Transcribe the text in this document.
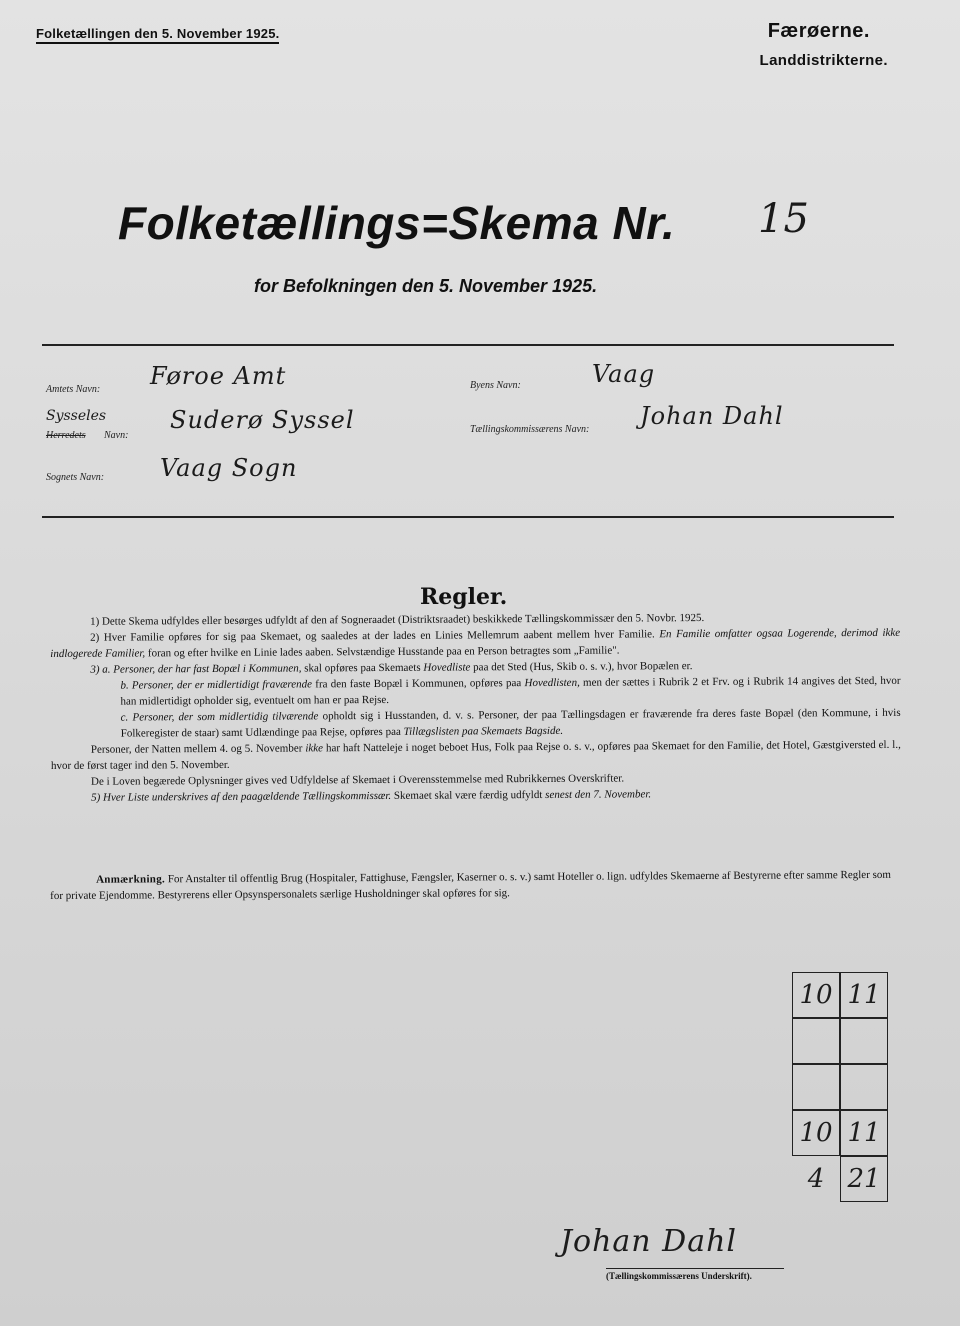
Folketællingen den 5. November 1925.	Færøerne.
Landdistrikterne.
Folketællings=Skema Nr. 15
for Befolkningen den 5. November 1925.
Amtets Navn: Føroe Amt
Sysseles
Herredets Navn:
Suderø Syssel
Sognets Navn: Vaag Sogn
Byens Navn:	Vaag
Tællingskommissærens Navn: Johan Dahl
Regler.

1) Dette Skema udfyldes eller besørges udfyldt af den af Sogneraadet (Distriktsraadet) beskikkede Tællingskommissær den 5. Novbr. 1925.

2) Hver Familie opføres for sig paa Skemaet, og saaledes at der lades en Linies Mellemrum aabent mellem hver Familie. En Familie omfatter ogsaa Logerende, derimod ikke indlogerede Familier, foran og efter hvilke en Linie lades aaben. Selvstændige Husstande paa en Person betragtes som „Familie".

3) a. Personer, der har fast Bopæl i Kommunen, skal opføres paa Skemaets Hovedliste paa det Sted (Hus, Skib o. s. v.), hvor Bopælen er.

b. Personer, der er midlertidigt fraværende fra den faste Bopæl i Kommunen, opføres paa Hovedlisten, men der sættes i Rubrik 2 et Frv. og i Rubrik 14 angives det Sted, hvor han midlertidigt opholder sig, eventuelt om han er paa Rejse.

c. Personer, der som midlertidig tilværende opholdt sig i Husstanden, d. v. s. Personer, der paa Tællingsdagen er fraværende fra deres faste Bopæl (den Kommune, i hvis Folkeregister de staar) samt Udlændinge paa Rejse, opføres paa Tillægslisten paa Skemaets Bagside.

Personer, der Natten mellem 4. og 5. November ikke har haft Natteleje i noget beboet Hus, Folk paa Rejse o. s. v., opføres paa Skemaet for den Familie, det Hotel, Gæstgiversted el. l., hvor de først tager ind den 5. November.

De i Loven begærede Oplysninger gives ved Udfyldelse af Skemaet i Overensstemmelse med Rubrikkernes Overskrifter.

5) Hver Liste underskrives af den paagældende Tællingskommissær. Skemaet skal være færdig udfyldt senest den 7. November.

Anmærkning. For Anstalter til offentlig Brug (Hospitaler, Fattighuse, Fængsler, Kaserner o. s. v.) samt Hoteller o. lign. udfyldes Skemaerne af Bestyrerne efter samme Regler som for private Ejendomme. Bestyrerens eller Opsynspersonalets særlige Husholdninger skal opføres for sig.
10 11
10 11
4 21
Johan Dahl
(Tællingskommissærens Underskrift).
